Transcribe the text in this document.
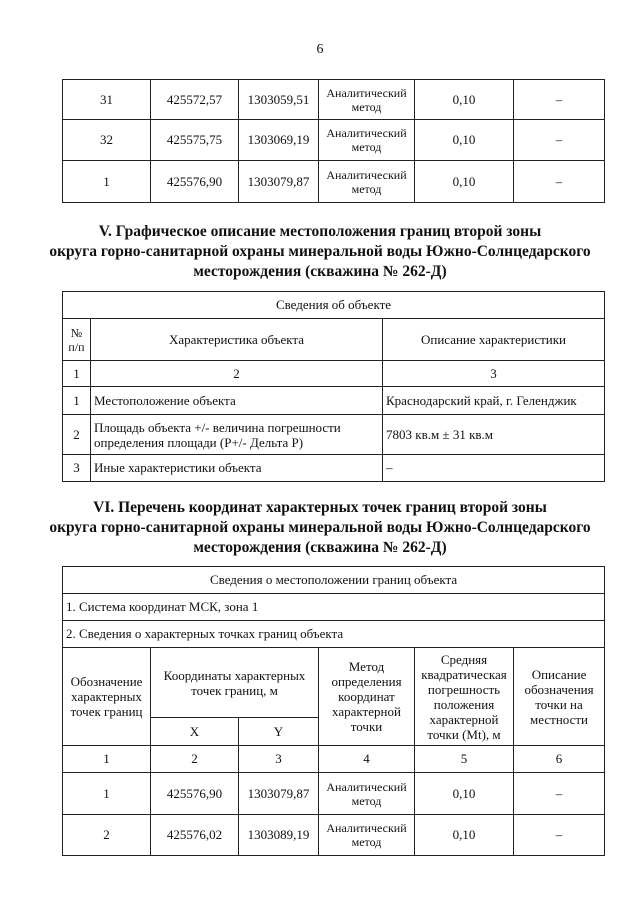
6
31	425572,57	1303059,51	Аналитический метод	0,10	–
32	425575,75	1303069,19	Аналитический метод	0,10	–
1	425576,90	1303079,87	Аналитический метод	0,10	–
V. Графическое описание местоположения границ второй зоны
округа горно-санитарной охраны минеральной воды Южно-Солнцедарского
месторождения (скважина № 262-Д)
Сведения об объекте		
№ п/п	Характеристика объекта	Описание характеристики
1	2	3
1	Местоположение объекта	Краснодарский край, г. Геленджик
2	Площадь объекта +/- величина погрешности определения площади (Р+/- Дельта Р)	7803 кв.м ± 31 кв.м
3	Иные характеристики объекта	–
VI. Перечень координат характерных точек границ второй зоны
округа горно-санитарной охраны минеральной воды Южно-Солнцедарского
месторождения (скважина № 262-Д)
Сведения о местоположении границ объекта					
1. Система координат МСК, зона 1					
2. Сведения о характерных точках границ объекта					
Обозначение характерных точек границ	Координаты характерных точек границ, м		Метод определения координат характерной точки	Средняя квадратическая погрешность положения характерной точки (Mt), м	Описание обозначения точки на местности
	X	Y			
1	2	3	4	5	6
1	425576,90	1303079,87	Аналитический метод	0,10	–
2	425576,02	1303089,19	Аналитический метод	0,10	–
